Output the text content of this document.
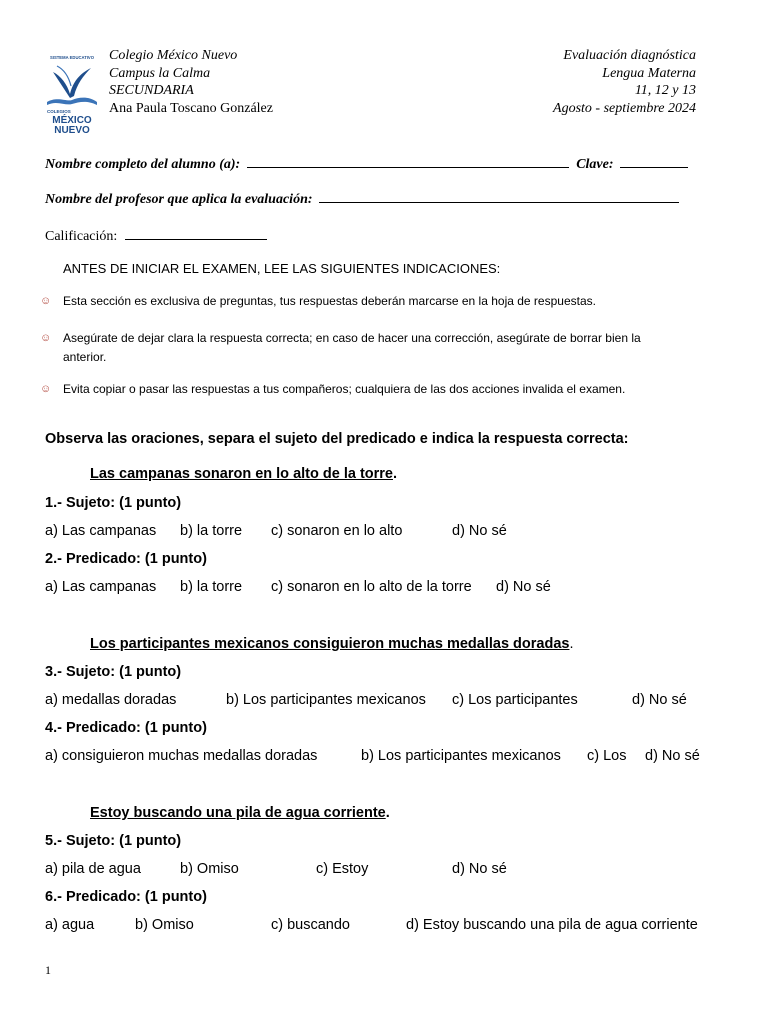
SISTEMA EDUCATIVO
COLEGIOS
MÉXICO
NUEVO
Colegio México Nuevo
Campus la Calma
SECUNDARIA
Ana Paula Toscano González
Evaluación diagnóstica
Lengua Materna
11, 12 y 13
Agosto - septiembre 2024
Nombre completo del alumno (a):	Clave:
Nombre del profesor que aplica la evaluación:
Calificación:
ANTES DE INICIAR EL EXAMEN, LEE LAS SIGUIENTES INDICACIONES:
☺ Esta sección es exclusiva de preguntas, tus respuestas deberán marcarse en la hoja de respuestas.
☺ Asegúrate de dejar clara la respuesta correcta; en caso de hacer una corrección, asegúrate de borrar bien la anterior.
☺ Evita copiar o pasar las respuestas a tus compañeros; cualquiera de las dos acciones invalida el examen.
Observa las oraciones, separa el sujeto del predicado e indica la respuesta correcta:
Las campanas sonaron en lo alto de la torre.
1.- Sujeto: (1 punto)
a) Las campanas b) la torre c) sonaron en lo alto	d) No sé
2.- Predicado: (1 punto)
a) Las campanas b) la torre c) sonaron en lo alto de la torre d) No sé
Los participantes mexicanos consiguieron muchas medallas doradas.
3.- Sujeto: (1 punto)
a) medallas doradas	b) Los participantes mexicanos c) Los participantes	d) No sé
4.- Predicado: (1 punto)
a) consiguieron muchas medallas doradas	b) Los participantes mexicanos c) Los d) No sé
Estoy buscando una pila de agua corriente.
5.- Sujeto: (1 punto)
a) pila de agua	b) Omiso	c) Estoy	d) No sé
6.- Predicado: (1 punto)
a) agua	b) Omiso	c) buscando	d) Estoy buscando una pila de agua corriente
1
